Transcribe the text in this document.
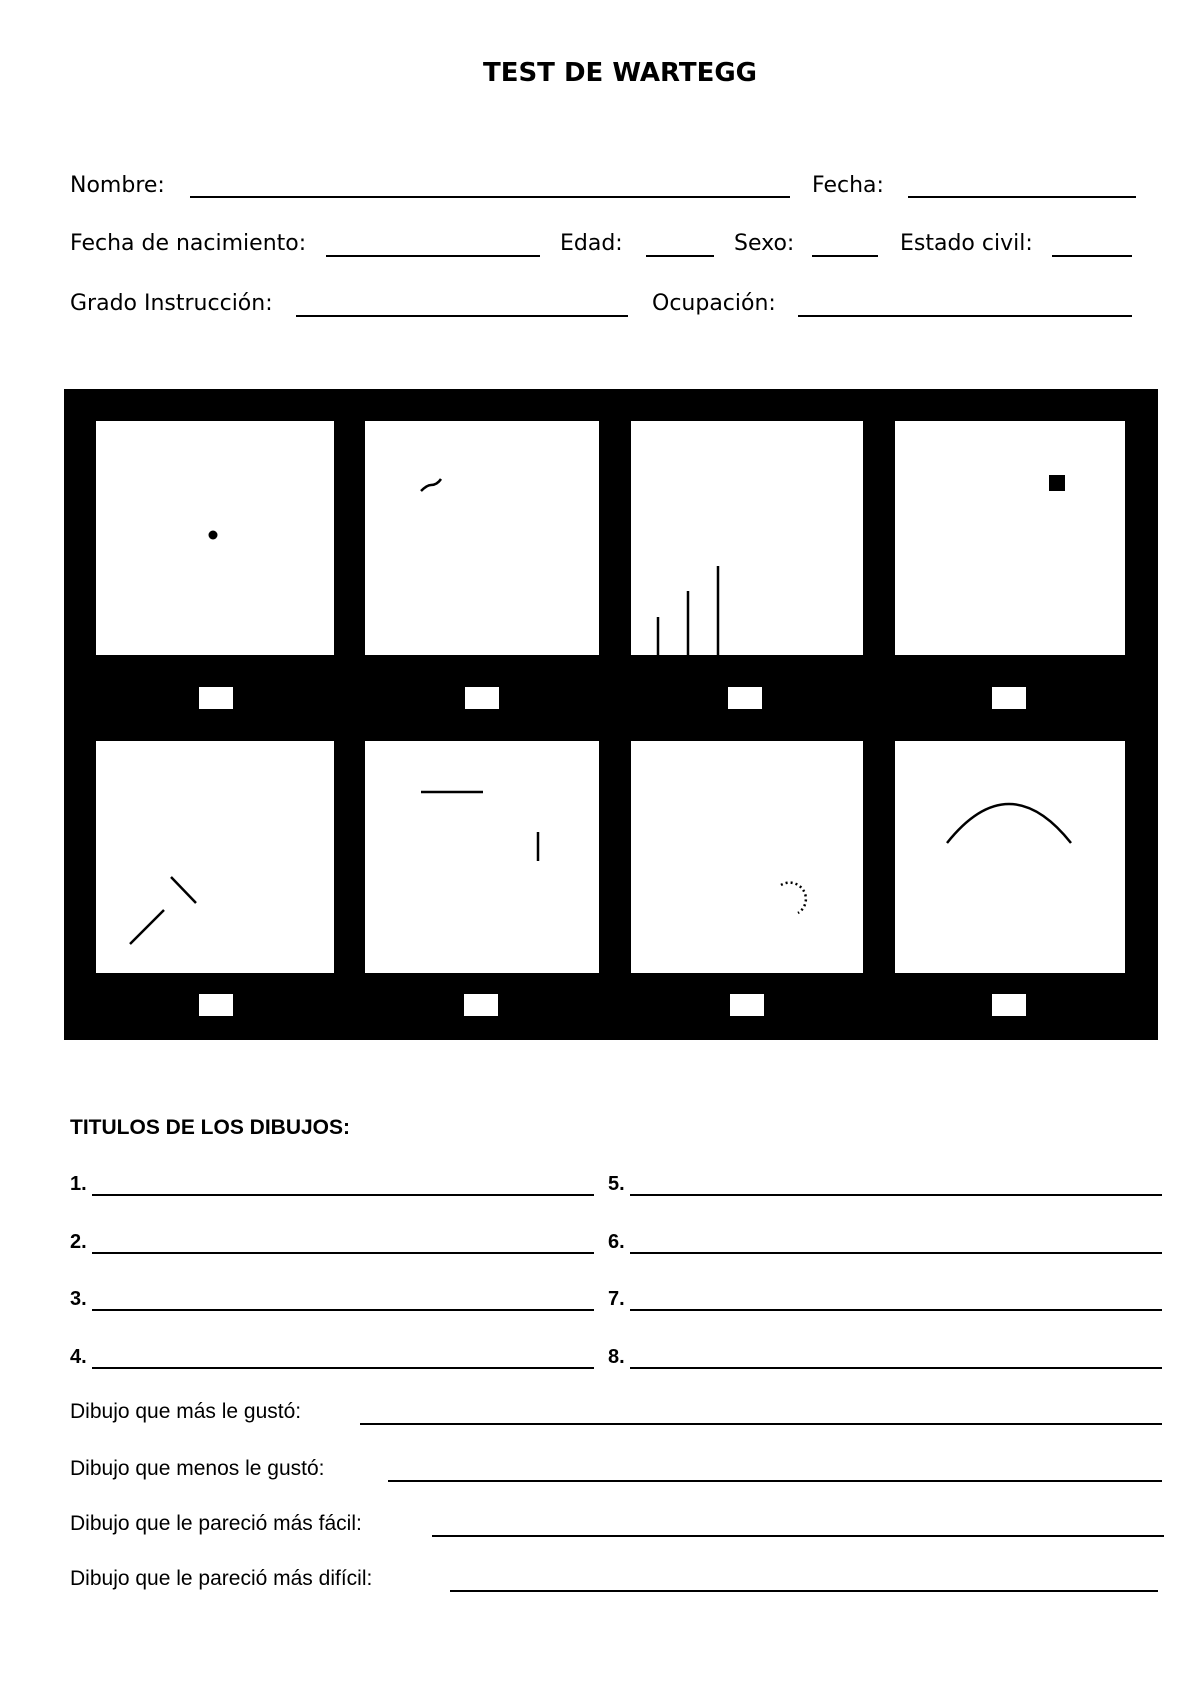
TEST DE WARTEGG
Nombre:	Fecha:
Fecha de nacimiento:	Edad:	Sexo:	Estado civil:
Grado Instrucción:	Ocupación:
TITULOS DE LOS DIBUJOS:
1.
2.
3.
4.
5.
6.
7.
8.
Dibujo que más le gustó:
Dibujo que menos le gustó:
Dibujo que le pareció más fácil:
Dibujo que le pareció más difícil:
